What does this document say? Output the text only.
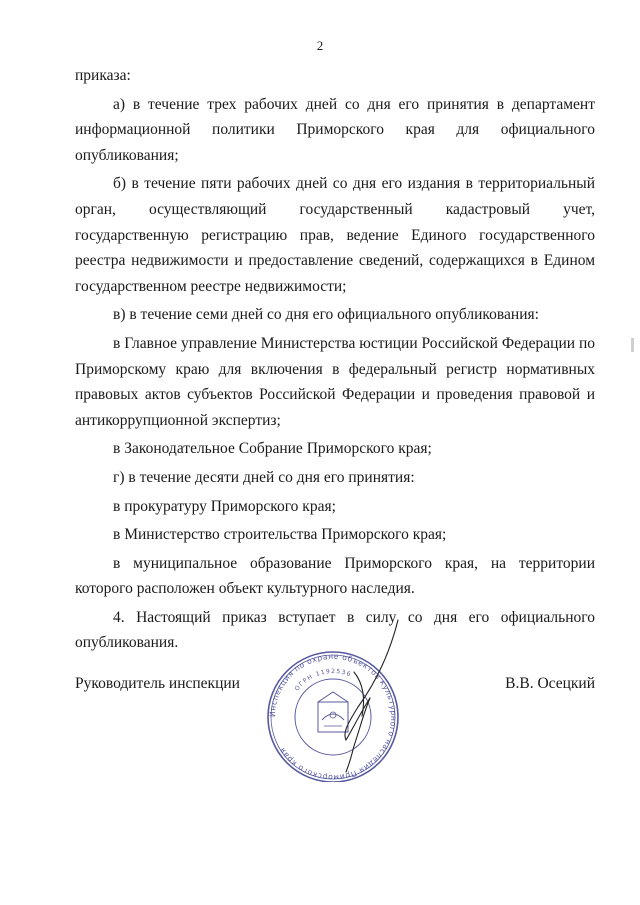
2

приказа:

а) в течение трех рабочих дней со дня его принятия в департамент информационной политики Приморского края для официального опубликования;

б) в течение пяти рабочих дней со дня его издания в территориальный орган, осуществляющий государственный кадастровый учет, государственную регистрацию прав, ведение Единого государственного реестра недвижимости и предоставление сведений, содержащихся в Едином государственном реестре недвижимости;

в) в течение семи дней со дня его официального опубликования:

в Главное управление Министерства юстиции Российской Федерации по Приморскому краю для включения в федеральный регистр нормативных правовых актов субъектов Российской Федерации и проведения правовой и антикоррупционной экспертиз;

в Законодательное Собрание Приморского края;

г) в течение десяти дней со дня его принятия:

в прокуратуру Приморского края;

в Министерство строительства Приморского края;

в муниципальное образование Приморского края, на территории которого расположен объект культурного наследия.

4. Настоящий приказ вступает в силу со дня его официального опубликования.

Руководитель инспекции	В.В. Осецкий
Инспекция по охране объектов культурного наследия Приморского края
ОГРН 1192536
